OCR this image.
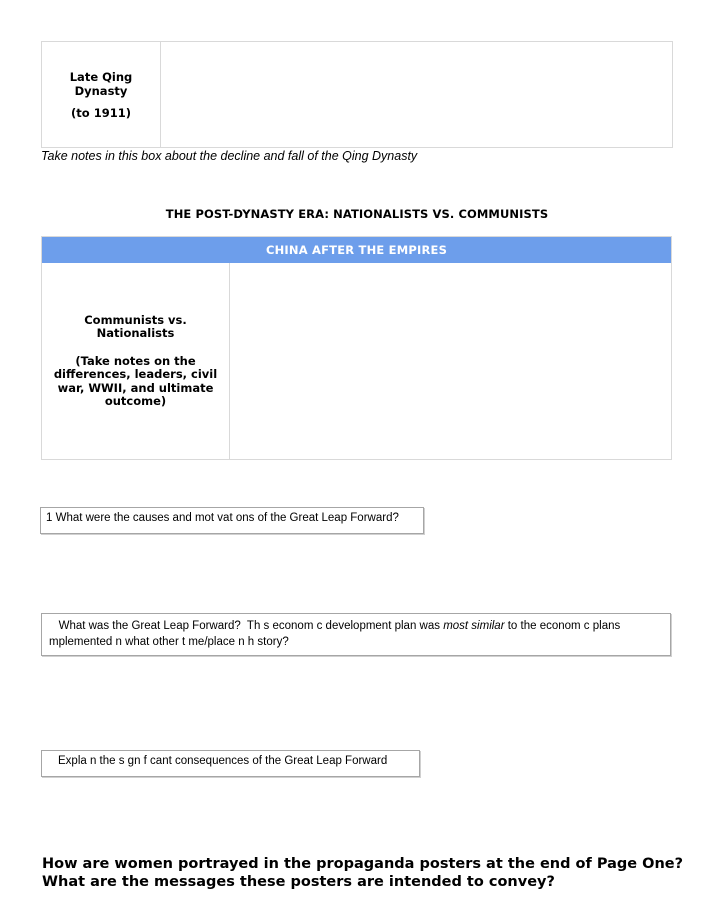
Late Qing Dynasty
(to 1911)
Take notes in this box about the decline and fall of the Qing Dynasty
THE POST-DYNASTY ERA: NATIONALISTS VS. COMMUNISTS
CHINA AFTER THE EMPIRES
Communists vs. Nationalists
(Take notes on the differences, leaders, civil war, WWII, and ultimate outcome)
1 What were the causes and mot vat ons of the Great Leap Forward?
What was the Great Leap Forward?  Th s econom c development plan was most similar to the econom c plans mplemented n what other t me/place n h story?
Expla n the s gn f cant consequences of the Great Leap Forward
How are women portrayed in the propaganda posters at the end of Page One? What are the messages these posters are intended to convey?
